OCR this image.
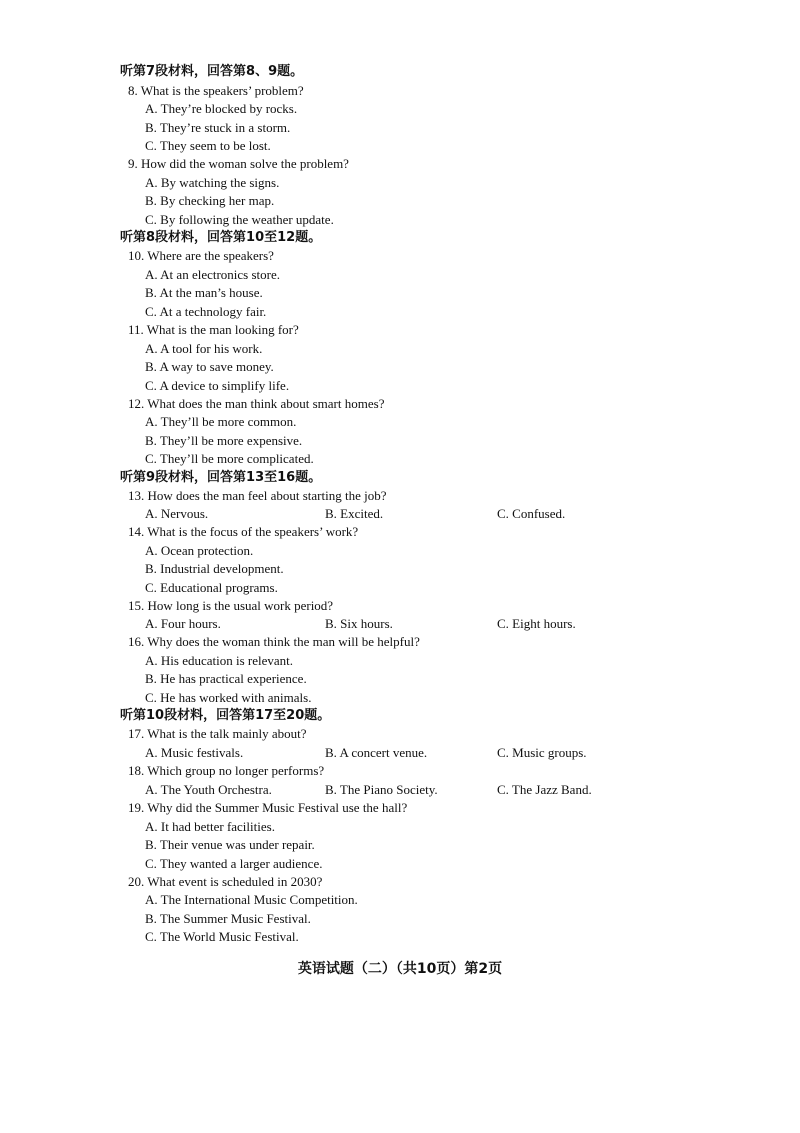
听第7段材料，回答第8、9题。
8. What is the speakers’ problem?
A. They’re blocked by rocks.
B. They’re stuck in a storm.
C. They seem to be lost.
9. How did the woman solve the problem?
A. By watching the signs.
B. By checking her map.
C. By following the weather update.
听第8段材料，回答第10至12题。
10. Where are the speakers?
A. At an electronics store.
B. At the man’s house.
C. At a technology fair.
11. What is the man looking for?
A. A tool for his work.
B. A way to save money.
C. A device to simplify life.
12. What does the man think about smart homes?
A. They’ll be more common.
B. They’ll be more expensive.
C. They’ll be more complicated.
听第9段材料，回答第13至16题。
13. How does the man feel about starting the job?
A. Nervous.	B. Excited.	C. Confused.
14. What is the focus of the speakers’ work?
A. Ocean protection.
B. Industrial development.
C. Educational programs.
15. How long is the usual work period?
A. Four hours.	B. Six hours.	C. Eight hours.
16. Why does the woman think the man will be helpful?
A. His education is relevant.
B. He has practical experience.
C. He has worked with animals.
听第10段材料，回答第17至20题。
17. What is the talk mainly about?
A. Music festivals.	B. A concert venue.	C. Music groups.
18. Which group no longer performs?
A. The Youth Orchestra.	B. The Piano Society.	C. The Jazz Band.
19. Why did the Summer Music Festival use the hall?
A. It had better facilities.
B. Their venue was under repair.
C. They wanted a larger audience.
20. What event is scheduled in 2030?
A. The International Music Competition.
B. The Summer Music Festival.
C. The World Music Festival.
英语试题（二）（共10页）第2页
